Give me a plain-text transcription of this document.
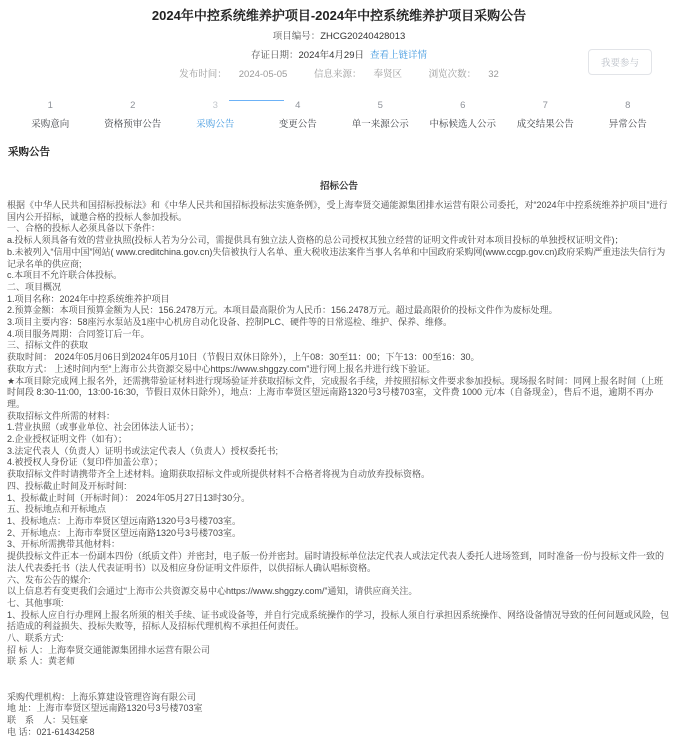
2024年中控系统维养护项目-2024年中控系统维养护项目采购公告
项目编号：ZHCG20240428013
存证日期：2024年4月29日 查看上链详情
发布时间： 2024-05-05	信息来源： 奉贤区	浏览次数： 32
我要参与
1
采购意向
2
资格预审公告
3
采购公告
4
变更公告
5
单一来源公示
6
中标候选人公示
7
成交结果公告
8
异常公告
采购公告
招标公告

根据《中华人民共和国招标投标法》和《中华人民共和国招标投标法实施条例》，受上海奉贤交通能源集团排水运营有限公司委托，对“2024年中控系统维养护项目”进行国内公开招标，诚邀合格的投标人参加投标。

一、合格的投标人必须具备以下条件：

a.投标人须具备有效的营业执照(投标人若为分公司，需提供具有独立法人资格的总公司授权其独立经营的证明文件或针对本项目投标的单独授权证明文件)；

b.未被列入“信用中国”网站( www.creditchina.gov.cn)失信被执行人名单、重大税收违法案件当事人名单和中国政府采购网(www.ccgp.gov.cn)政府采购严重违法失信行为记录名单的供应商;

c.本项目不允许联合体投标。

二、项目概况

1.项目名称：2024年中控系统维养护项目

2.预算金额：本项目预算金额为人民：156.2478万元。本项目最高限价为人民币：156.2478万元。超过最高限价的投标文件作为废标处理。

3.项目主要内容：58座污水泵站及1座中心机房自动化设备、控制PLC、硬件等的日常巡检、维护、保养、维修。

4.项目服务周期：合同签订后一年。

三、招标文件的获取

获取时间： 2024年05月06日到2024年05月10日（节假日双休日除外），上午08：30至11：00；下午13：00至16：30。

获取方式： 上述时间内至“上海市公共资源交易中心https://www.shggzy.com”进行网上报名并进行线下验证。

★本项目除完成网上报名外，还需携带验证材料进行现场验证并获取招标文件，完成报名手续，并按照招标文件要求参加投标。现场报名时间：同网上报名时间（上班时间段 8:30-11:00，13:00-16:30，节假日双休日除外），地点：上海市奉贤区望远南路1320号3号楼703室，文件费 1000 元/本（自备现金），售后不退，逾期不再办理。

获取招标文件所需的材料：

1.营业执照（或事业单位、社会团体法人证书）；

2.企业授权证明文件（如有）；

3.法定代表人（负责人）证明书或法定代表人（负责人）授权委托书;

4.被授权人身份证（复印件加盖公章）；

获取招标文件时请携带齐全上述材料。逾期获取招标文件或所提供材料不合格者将视为自动放弃投标资格。

四、投标截止时间及开标时间:

1、投标截止时间（开标时间）： 2024年05月27日13时30分。

五、投标地点和开标地点

1、投标地点：上海市奉贤区望远南路1320号3号楼703室。

2、开标地点：上海市奉贤区望远南路1320号3号楼703室。

3、开标所需携带其他材料：

提供投标文件正本一份副本四份（纸质文件）并密封，电子版一份并密封。届时请投标单位法定代表人或法定代表人委托人进场签到，同时准备一份与投标文件一致的法人代表委托书（法人代表证明书）以及相应身份证明文件原件，以供招标人确认唱标资格。

六、发布公告的媒介:

以上信息若有变更我们会通过“上海市公共资源交易中心https://www.shggzy.com/”通知，请供应商关注。

七、其他事项:

1、投标人应自行办理网上报名所须的相关手续、证书或设备等，并自行完成系统操作的学习，投标人须自行承担因系统操作、网络设备情况导致的任何问题或风险，包括造成的利益损失、投标失败等，招标人及招标代理机构不承担任何责任。

八、联系方式:

招 标 人：上海奉贤交通能源集团排水运营有限公司

联 系 人：黄老师

采购代理机构：上海乐算建设管理咨询有限公司

地 址：上海市奉贤区望远南路1320号3号楼703室

联　系　人：吴钰豪

电 话：021-61434258
